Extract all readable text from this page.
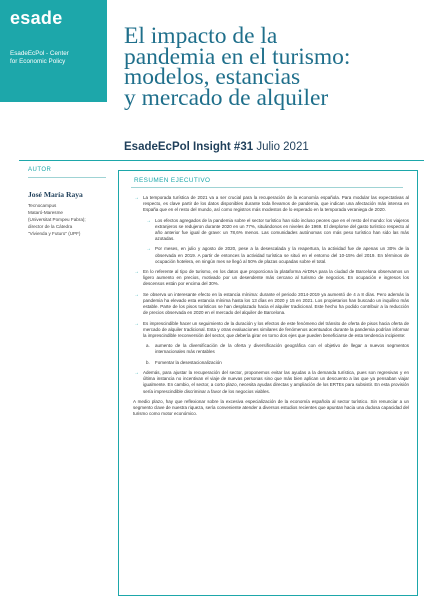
esade
EsadeEcPol - Center
for Economic Policy
AUTOR
José María Raya
Tecnocampus
Mataró-Maresme
(Universitat Pompeu Fabra);
director de la Cátedra
"Vivienda y Futuro" (UPF)
El impacto de la
pandemia en el turismo:
modelos, estancias
y mercado de alquiler
EsadeEcPol Insight #31 Julio 2021
RESUMEN EJECUTIVO
→ La temporada turística de 2021 va a ser crucial para la recuperación de la economía española. Para modular las expectativas al respecto, es clave partir de los datos disponibles durante toda llevamos de pandemia, que indican una afectación más intensa en España que en el resto del mundo, así como registros más modestos de lo esperado en la temporada veraniega de 2020.
→ Los efectos agregados de la pandemia sobre el sector turístico han sido incluso peores que en el resto del mundo: los viajeros extranjeros se redujeron durante 2020 en un 77%, situándonos en niveles de 1969. El desplome del gasto turístico respecto al año anterior fue igual de grave: un 78,6% menos. Las comunidades autónomas con más peso turístico han sido las más azotadas.
→ Por meses, en julio y agosto de 2020, pese a la desescalada y la reapertura, la actividad fue de apenas un 30% de la observada en 2019. A partir de entonces la actividad turística se situó en el entorno del 10-15% del 2019. En términos de ocupación hotelera, en ningún mes se llegó al 50% de plazas ocupadas sobre el total.
→ En lo referente al tipo de turismo, en los datos que proporciona la plataforma AirDNA para la ciudad de Barcelona observamos un ligero aumento en precios, motivado por un desendente más cercano al turismo de negocios. En ocupación e ingresos los descensos están por encima del 30%.
→ Se observa un interesante efecto en la estancia mínima: durante el periodo 2014-2019 ya aumentó de 4 a 8 días. Pero además la pandemia ha elevado esta estancia mínima hasta los 13 días en 2020 y 15 en 2021. Los propietarios han buscado un inquilino más estable. Parte de los pisos turísticos se han desplazado hacia el alquiler tradicional. Este hecho ha podido contribuir a la reducción de precios observada en 2020 en el mercado del alquiler de Barcelona.
→ Es imprescindible hacer un seguimiento de la duración y los efectos de este fenómeno del tránsito de oferta de pisos hacia oferta de mercado de alquiler tradicional. Esta y otras evaluaciones similares de fenómenos acentuados durante la pandemia podrían informar la imprescindible reconversión del sector, que debería girar en torno dos ejes que pueden beneficiarse de esta tendencia incipiente:
a. aumento de la diversificación de la oferta y diversificación geográfica con el objetivo de llegar a nuevos segmentos internacionales más rentables
b. Fomentar la desestacionalización
→ Además, para ajustar la recuperación del sector, proponemos evitar las ayudas a la demanda turística, pues son regresivas y en última instancia no incentivan el viaje de nuevas personas sino que más bien aplican un descuento a las que ya pensaban viajar igualmente. En cambio, el sector, a corto plazo, necesita ayudas directas y ampliación de los ERTEs para subsistir. En esta provisión sería imprescindible discriminar a favor de los negocios viables.
A medio plazo, hay que reflexionar sobre la excesiva especialización de la economía española al sector turístico. Sin renunciar a un segmento clave de nuestra riqueza, sería conveniente atender a diversos estudios recientes que apuntan hacia una dudosa capacidad del turismo como motor económico.
